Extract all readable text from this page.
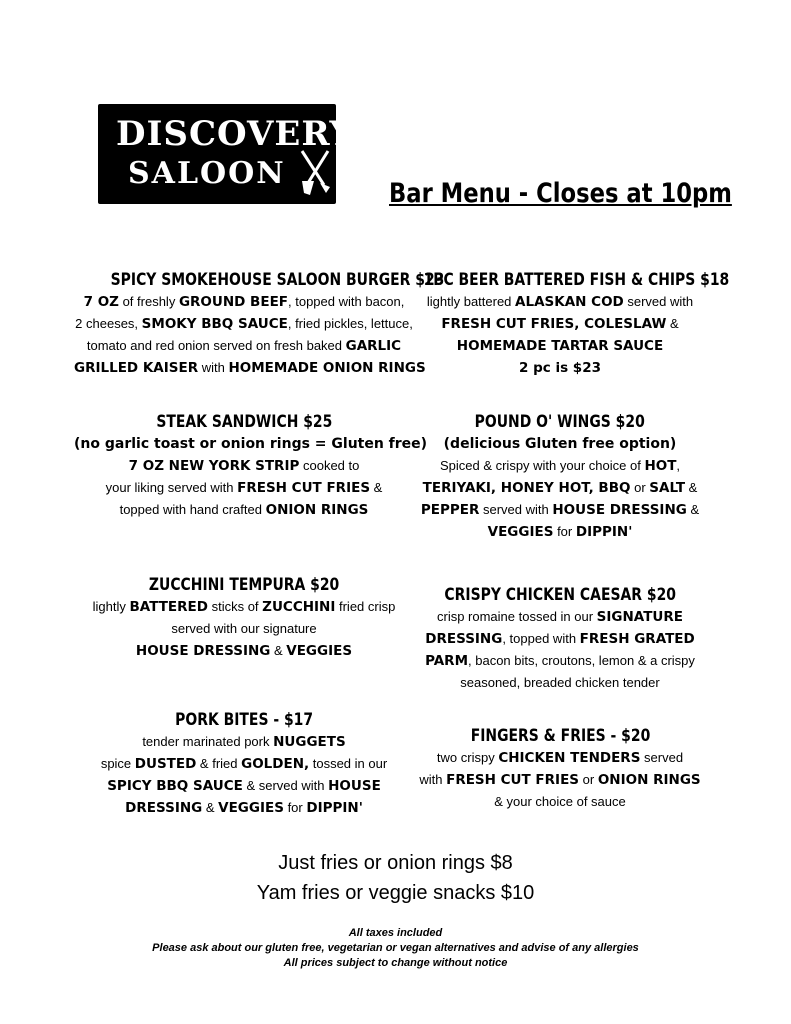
DISCOVERY
SALOON
Bar Menu - Closes at 10pm
SPICY SMOKEHOUSE SALOON BURGER $23
7 OZ of freshly GROUND BEEF, topped with bacon,
2 cheeses, SMOKY BBQ SAUCE, fried pickles, lettuce,
tomato and red onion served on fresh baked GARLIC
GRILLED KAISER with HOMEMADE ONION RINGS
1PC BEER BATTERED FISH & CHIPS $18
lightly battered ALASKAN COD served with
FRESH CUT FRIES, COLESLAW &
HOMEMADE TARTAR SAUCE
2 pc is $23
STEAK SANDWICH $25
(no garlic toast or onion rings = Gluten free)
7 OZ NEW YORK STRIP cooked to
your liking served with FRESH CUT FRIES &
topped with hand crafted ONION RINGS
POUND O' WINGS $20
(delicious Gluten free option)
Spiced & crispy with your choice of HOT,
TERIYAKI, HONEY HOT, BBQ or SALT &
PEPPER served with HOUSE DRESSING &
VEGGIES for DIPPIN'
ZUCCHINI TEMPURA $20
lightly BATTERED sticks of ZUCCHINI fried crisp
served with our signature
HOUSE DRESSING & VEGGIES
CRISPY CHICKEN CAESAR $20
crisp romaine tossed in our SIGNATURE
DRESSING, topped with FRESH GRATED
PARM, bacon bits, croutons, lemon & a crispy
seasoned, breaded chicken tender
PORK BITES - $17
tender marinated pork NUGGETS
spice DUSTED & fried GOLDEN, tossed in our
SPICY BBQ SAUCE & served with HOUSE
DRESSING & VEGGIES for DIPPIN'
FINGERS & FRIES - $20
two crispy CHICKEN TENDERS served
with FRESH CUT FRIES or ONION RINGS
& your choice of sauce
Just fries or onion rings $8
Yam fries or veggie snacks $10
All taxes included
Please ask about our gluten free, vegetarian or vegan alternatives and advise of any allergies
All prices subject to change without notice
